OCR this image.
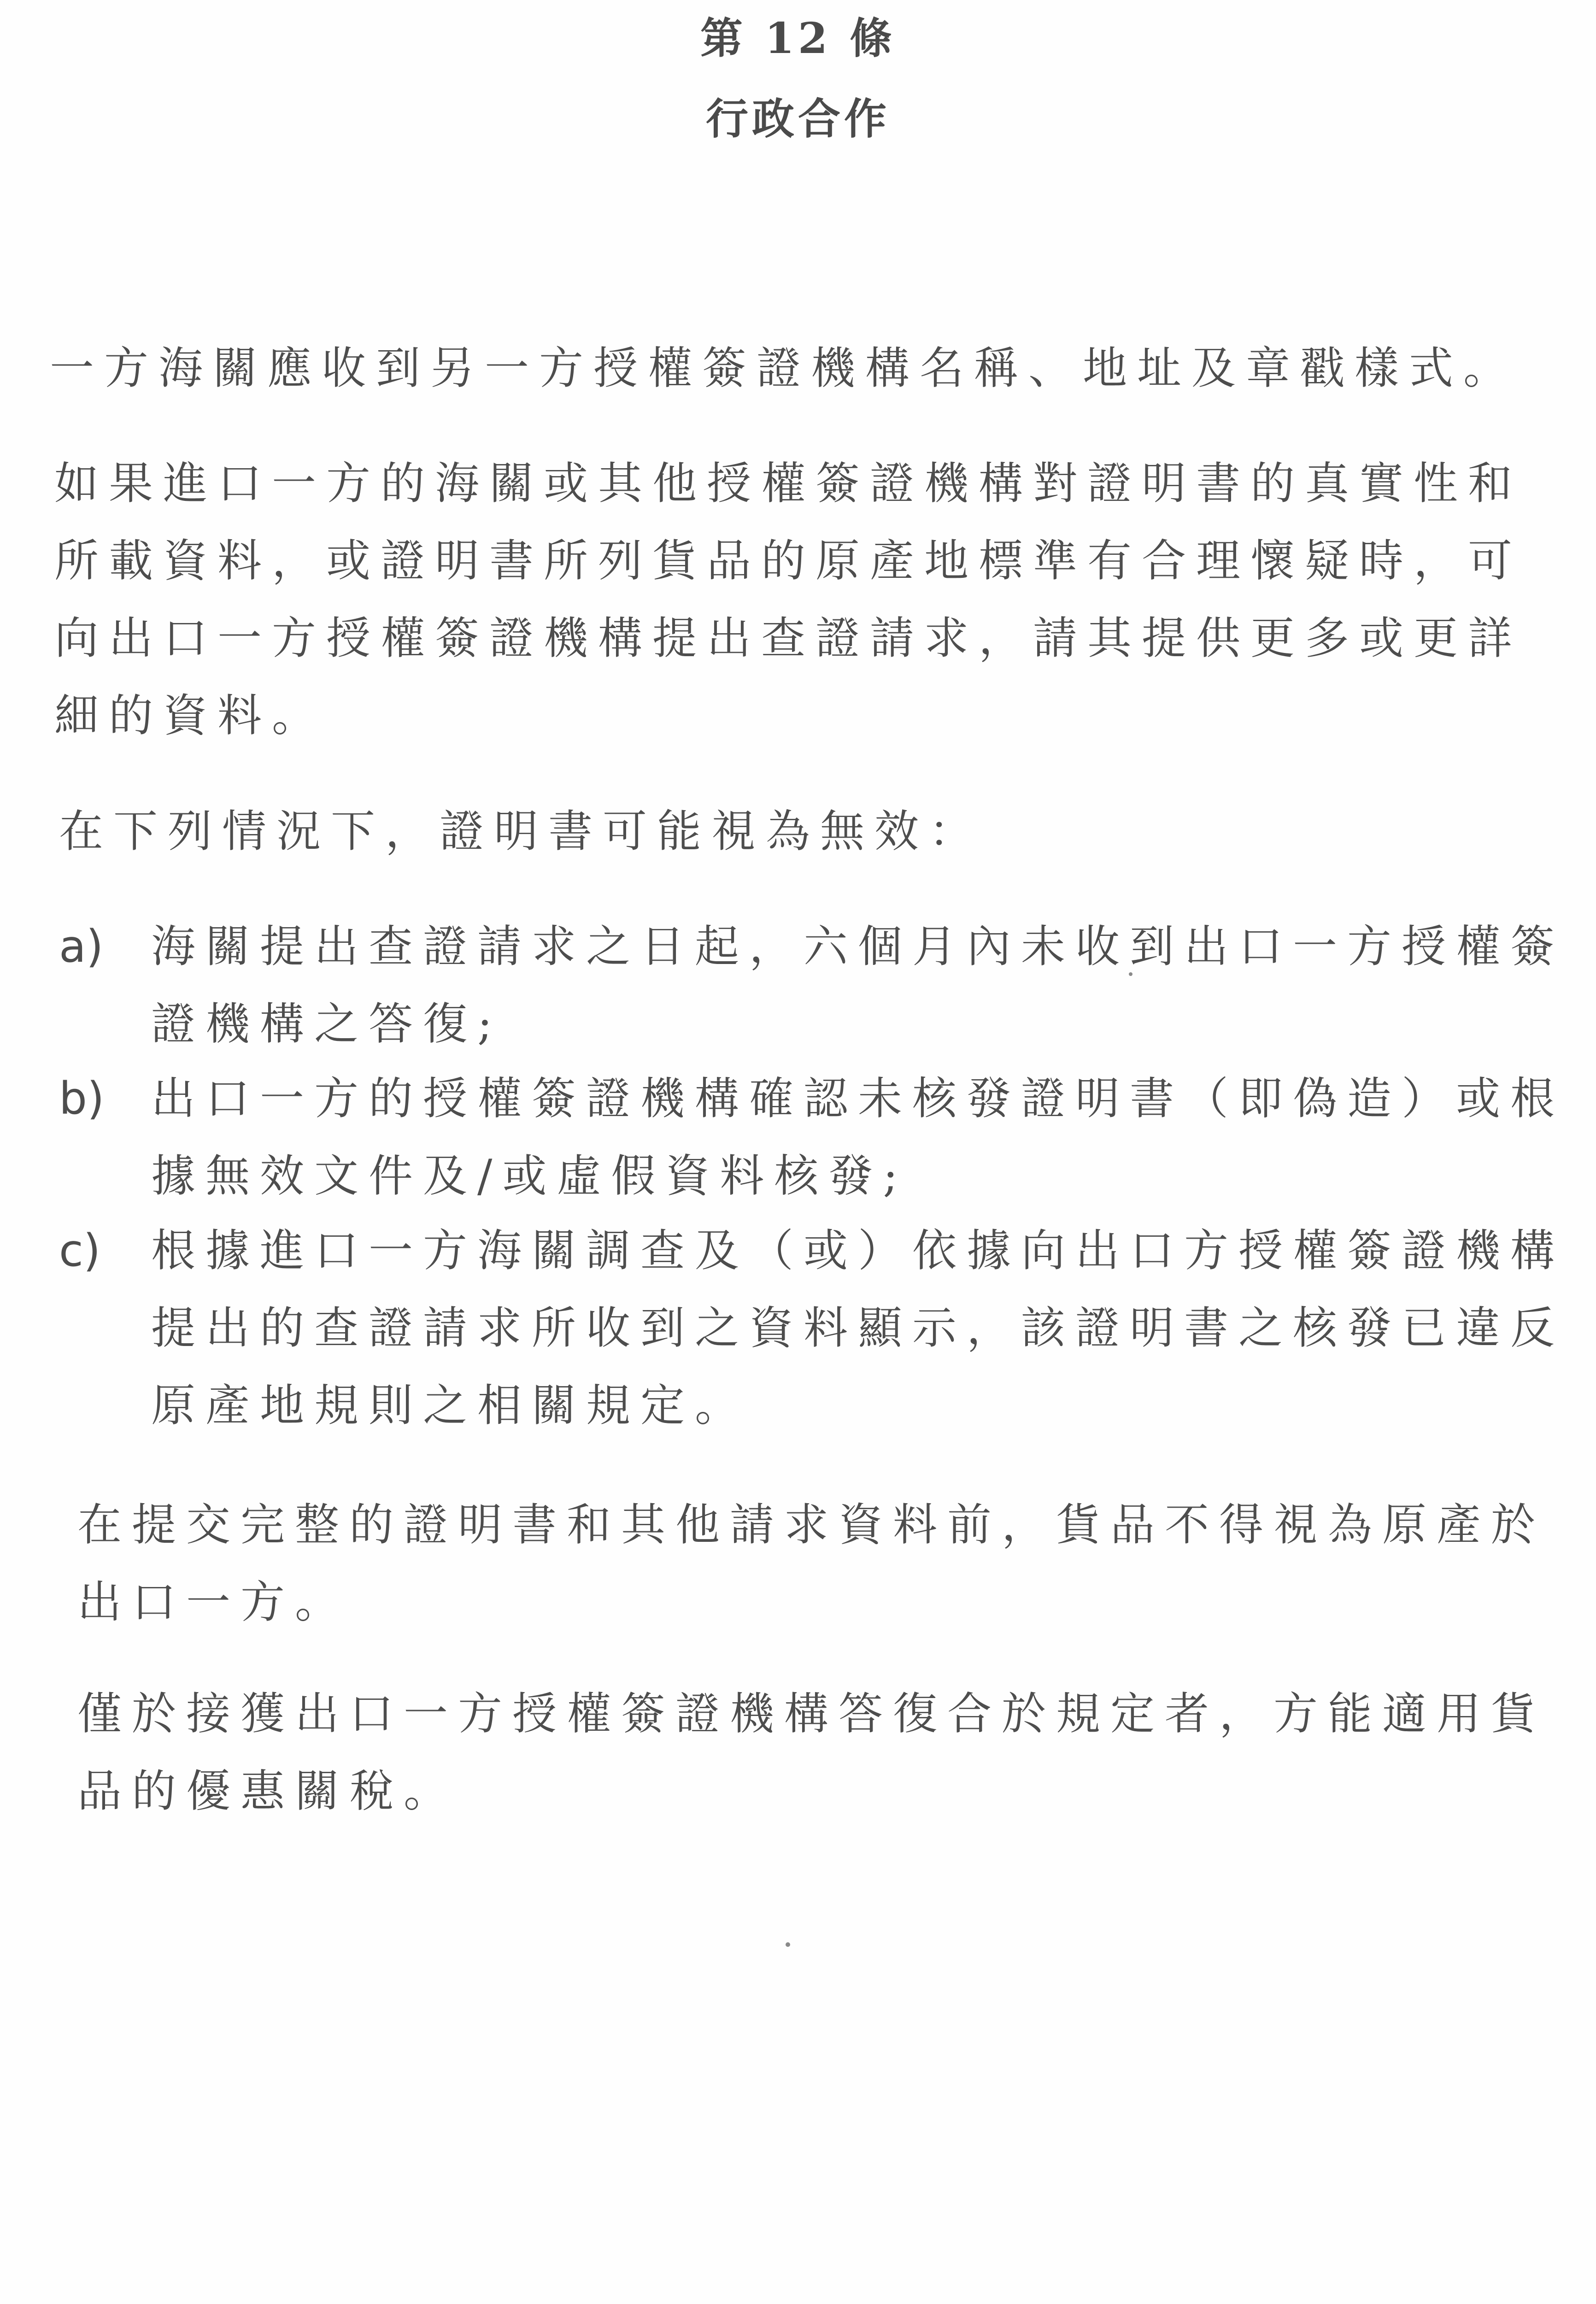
第 12 條
行政合作

一方海關應收到另一方授權簽證機構名稱、地址及章戳樣式。

如果進口一方的海關或其他授權簽證機構對證明書的真實性和所載資料，或證明書所列貨品的原產地標準有合理懷疑時，可向出口一方授權簽證機構提出查證請求，請其提供更多或更詳細的資料。

在下列情況下，證明書可能視為無效：

a)	海關提出查證請求之日起，六個月內未收到出口一方授權簽證機構之答復;
b)	出口一方的授權簽證機構確認未核發證明書（即偽造）或根據無效文件及/或虛假資料核發;
c)	根據進口一方海關調查及（或）依據向出口方授權簽證機構提出的查證請求所收到之資料顯示，該證明書之核發已違反原產地規則之相關規定。

在提交完整的證明書和其他請求資料前，貨品不得視為原產於出口一方。

僅於接獲出口一方授權簽證機構答復合於規定者，方能適用貨品的優惠關稅。
